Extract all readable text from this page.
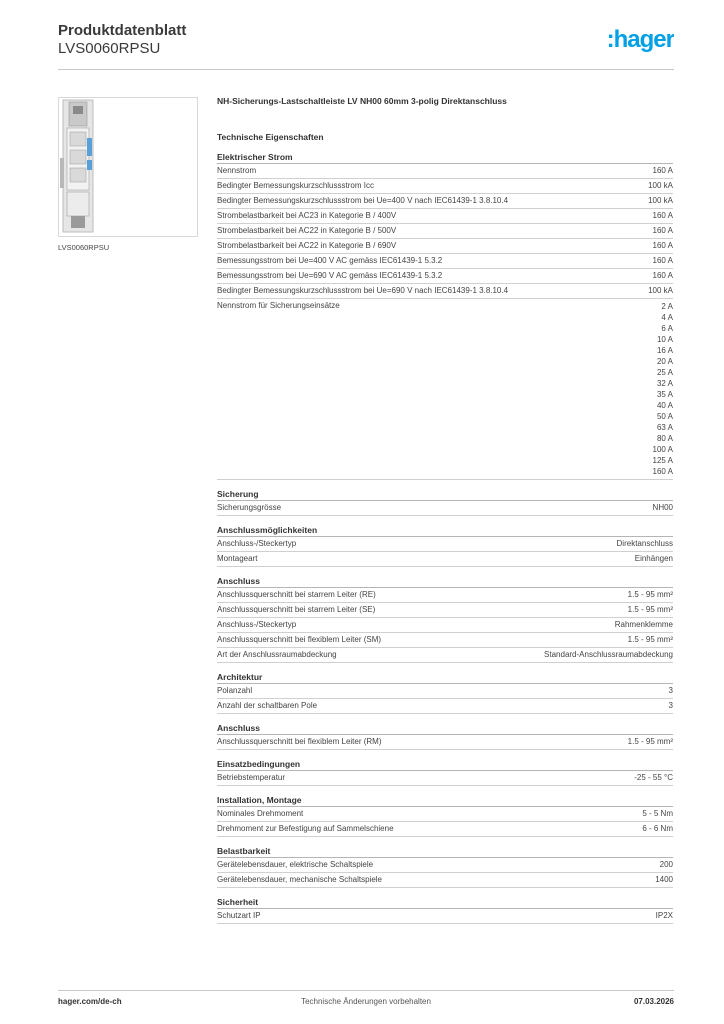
Produktdatenblatt
LVS0060RPSU	:hager
LVS0060RPSU
NH-Sicherungs-Lastschaltleiste LV NH00 60mm 3-polig Direktanschluss
Technische Eigenschaften
Elektrischer Strom
Nennstrom	160 A
Bedingter Bemessungskurzschlussstrom Icc	100 kA
Bedingter Bemessungskurzschlussstrom bei Ue=400 V nach IEC61439-1 3.8.10.4	100 kA
Strombelastbarkeit bei AC23 in Kategorie B / 400V	160 A
Strombelastbarkeit bei AC22 in Kategorie B / 500V	160 A
Strombelastbarkeit bei AC22 in Kategorie B / 690V	160 A
Bemessungsstrom bei Ue=400 V AC gemäss IEC61439-1 5.3.2	160 A
Bemessungsstrom bei Ue=690 V AC gemäss IEC61439-1 5.3.2	160 A
Bedingter Bemessungskurzschlussstrom bei Ue=690 V nach IEC61439-1 3.8.10.4	100 kA
Nennstrom für Sicherungseinsätze	2 A
4 A
6 A
10 A
16 A
20 A
25 A
32 A
35 A
40 A
50 A
63 A
80 A
100 A
125 A
160 A
Sicherung
Sicherungsgrösse	NH00
Anschlussmöglichkeiten
Anschluss-/Steckertyp	Direktanschluss
Montageart	Einhängen
Anschluss
Anschlussquerschnitt bei starrem Leiter (RE)	1.5 - 95 mm²
Anschlussquerschnitt bei starrem Leiter (SE)	1.5 - 95 mm²
Anschluss-/Steckertyp	Rahmenklemme
Anschlussquerschnitt bei flexiblem Leiter (SM)	1.5 - 95 mm²
Art der Anschlussraumabdeckung	Standard-Anschlussraumabdeckung
Architektur
Polanzahl	3
Anzahl der schaltbaren Pole	3
Anschluss
Anschlussquerschnitt bei flexiblem Leiter (RM)	1.5 - 95 mm²
Einsatzbedingungen
Betriebstemperatur	-25 - 55 °C
Installation, Montage
Nominales Drehmoment	5 - 5 Nm
Drehmoment zur Befestigung auf Sammelschiene	6 - 6 Nm
Belastbarkeit
Gerätelebensdauer, elektrische Schaltspiele	200
Gerätelebensdauer, mechanische Schaltspiele	1400
Sicherheit
Schutzart IP	IP2X
Technische Änderungen vorbehalten
hager.com/de-ch	07.03.2026
